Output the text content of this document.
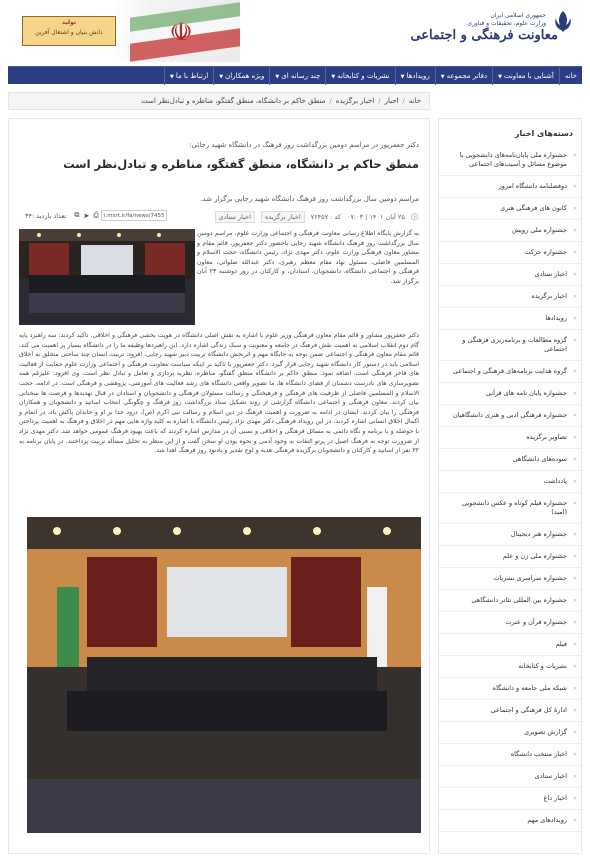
جمهوری اسلامی ایران
وزارت علوم، تحقیقات و فناوری
معاونت فرهنگی و اجتماعی
☫
تولید
دانش بنیان و اشتغال آفرین
خانه
آشنایی با معاونت▼
دفاتر مجموعه▼
رویدادها▼
نشریات و کتابخانه▼
چند رسانه ای▼
ویژه همکاران▼
ارتباط با ما▼
خانه
/
اخبار
/
اخبار برگزیده
/
منطق حاکم بر دانشگاه، منطق گفتگو، مناظره و تبادل‌نظر است
دکتر جعفرپور در مراسم دومین بزرگداشت روز فرهنگ در دانشگاه شهید رجائی:
منطق حاکم بر دانشگاه، منطق گفتگو، مناظره و تبادل‌نظر است
مراسم دومین سال بزرگداشت روز فرهنگ دانشگاه شهید رجایی برگزار شد.
🕓
۲۵ آبان ۱۴۰۱ | ۰۷:۰۳
کد : ۷۶۴۵۷
اخبار برگزیده
اخبار ستادی
تعداد بازدید :۳۴	⎙
➤
⧉	i.msrt.ir/fa/news/7455
به گزارش پایگاه اطلاع رسانی معاونت فرهنگی و اجتماعی وزارت علوم، مراسم دومین سال بزرگداشت روز فرهنگ دانشگاه شهید رجایی باحضور دکتر جعفرپور، قائم مقام و مشاور معاون فرهنگی وزارت علوم، دکتر مهدی نژاد، رئیس دانشگاه، حجت الاسلام و المسلمین فاضلی، مسئول نهاد مقام معظم رهبری، دکتر عبدالله صلواتی، معاون فرهنگی و اجتماعی دانشگاه، دانشجویان، استادان، و کارکنان در روز دوشنبه ۲۳ آبان برگزار شد.
دکتر جعفرپور مشاور و قائم مقام معاون فرهنگی وزیر علوم با اشاره به نقش اصلی دانشگاه در هویت بخشی فرهنگی و اخلاقی، تاکید کردند: سه راهبرد پایه گام دوم انقلاب اسلامی به اهمیت نقش فرهنگ در جامعه و معنویت و سبک زندگی اشاره دارد. این راهبردها وظیفه ما را در دانشگاه بسیار پر اهمیت می کند. قائم مقام معاون فرهنگی و اجتماعی ضمن توجه به جایگاه مهم و اثربخش دانشگاه تربیت دبیر شهید رجایی، افزود: تربیت انسان چند ساحتی متخلق به اخلاق اسلامی باید در دستور کار دانشگاه شهید رجایی قرار گیرد. دکتر جعفرپور با تاکید بر اینکه سیاست معاونت فرهنگی و اجتماعی وزارت علوم حمایت از فعالیت های فاخر فرهنگی است، اضافه نمود: منطق حاکم بر دانشگاه منطق گفتگو، مناظره، نظریه پردازی و تعامل و تبادل نظر است. وی افزود: علیرغم همه تصویرسازی های نادرست دشمنان از فضای دانشگاه ها، ما تصویر واقعی دانشگاه های رشد فعالیت های آموزشی، پژوهشی و فرهنگی است. در ادامه، حجت الاسلام و المسلمین فاضلی از ظرفیت های فرهنگی و فرهیختگی و رسالت مسئولان فرهنگی و دانشجویان و استادان در قبال تهدیدها و فرصت ها سخنانی بیان کردند. معاون فرهنگی و اجتماعی دانشگاه گزارشی از روند تشکیل ستاد بزرگداشت روز فرهنگ و چگونگی انتخاب اساتید و دانشجویان و همکاران فرهنگی را بیان کردند. ایشان در ادامه به ضرورت و اهمیت فرهنگ در دین اسلام و رسالت نبی اکرم (ص)، درود خدا بر او و خاندان پاکش باد، در اتمام و اکمال اخلاق انسانی اشاره کردند. در این رویداد فرهنگی دکتر مهدی نژاد رئیس دانشگاه با اشاره به کلید واژه هایی مهم در اخلاق و فرهنگ به اهمیت پرداختن با حوصله و با برنامه و نگاه دائمی به مسائل فرهنگی و اخلاقی و نسبی آن در مدارس اشاره کردند که باعث بهبود فرهنگ عمومی خواهد شد. دکتر مهدی نژاد از ضرورت توجه به فرهنگ اصیل در پرتو التفات به وجود آدمی و نحوه بودن او سخن گفت و از این منظر به تحلیل مسأله تربیت پرداختند. در پایان برنامه به ۲۲ نفر از اساتید و کارکنان و دانشجویان برگزیده فرهنگی هدیه و لوح تقدیر و یادبود روز فرهنگ اهدا شد.
دسته‌های اخبار
‹
جشنواره ملی پایان‌نامه‌های دانشجویی با موضوع مسائل و آسیب‌های اجتماعی
‹
دوفصلنامه دانشگاه امروز
‹
کانون های فرهنگی هنری
‹
جشنواره ملی رویش
‹
جشنواره حرکت
‹
اخبار ستادی
‹
اخبار برگزیده
‹
رویدادها
‹
گروه مطالعات و برنامه‌ریزی فرهنگی و اجتماعی
‹
گروه هدایت برنامه‌های فرهنگی و اجتماعی
‹
جشنواره پایان نامه های قرآنی
‹
جشنواره فرهنگی ادبی و هنری دانشگاهیان
‹
تصاویر برگزیده
‹
سوده‌های دانشگاهی
‹
یادداشت
‹
جشنواره فیلم کوتاه و عکس دانشجویی (امید)
‹
جشنواره هنر دیجیتال
‹
جشنواره ملی زن و علم
‹
جشنواره سراسری نشریات
‹
جشنواره بین المللی تئاتر دانشگاهی
‹
جشنواره قرآن و عترت
‹
فیلم
‹
نشریات و کتابخانه
‹
شبکه ملی جامعه و دانشگاه
‹
ادارۀ کل فرهنگی و اجتماعی
‹
گزارش تصویری
‹
اخبار منتخب دانشگاه
‹
اخبار ستادی
‹
اخبار داغ
‹
رویدادهای مهم
